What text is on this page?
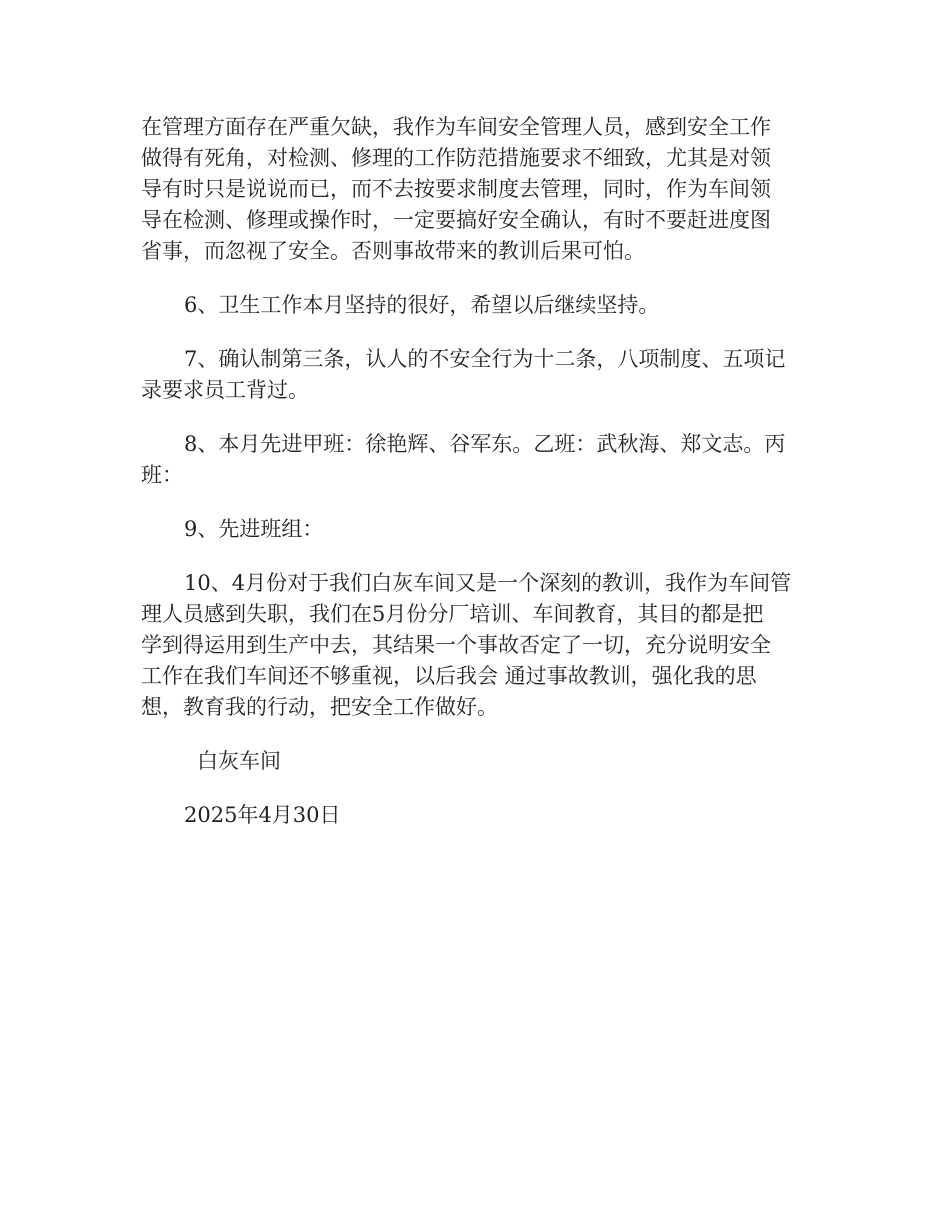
在管理方面存在严重欠缺，我作为车间安全管理人员，感到安全工作
做得有死角，对检测、修理的工作防范措施要求不细致，尤其是对领
导有时只是说说而已，而不去按要求制度去管理，同时，作为车间领
导在检测、修理或操作时，一定要搞好安全确认，有时不要赶进度图
省事，而忽视了安全。否则事故带来的教训后果可怕。
6、卫生工作本月坚持的很好，希望以后继续坚持。
7、确认制第三条，认人的不安全行为十二条，八项制度、五项记
录要求员工背过。
8、本月先进甲班：徐艳辉、谷军东。乙班：武秋海、郑文志。丙
班：
9、先进班组：
10、4月份对于我们白灰车间又是一个深刻的教训，我作为车间管
理人员感到失职，我们在5月份分厂培训、车间教育，其目的都是把
学到得运用到生产中去，其结果一个事故否定了一切，充分说明安全
工作在我们车间还不够重视，以后我会 通过事故教训，强化我的思
想，教育我的行动，把安全工作做好。
白灰车间
2025年4月30日
